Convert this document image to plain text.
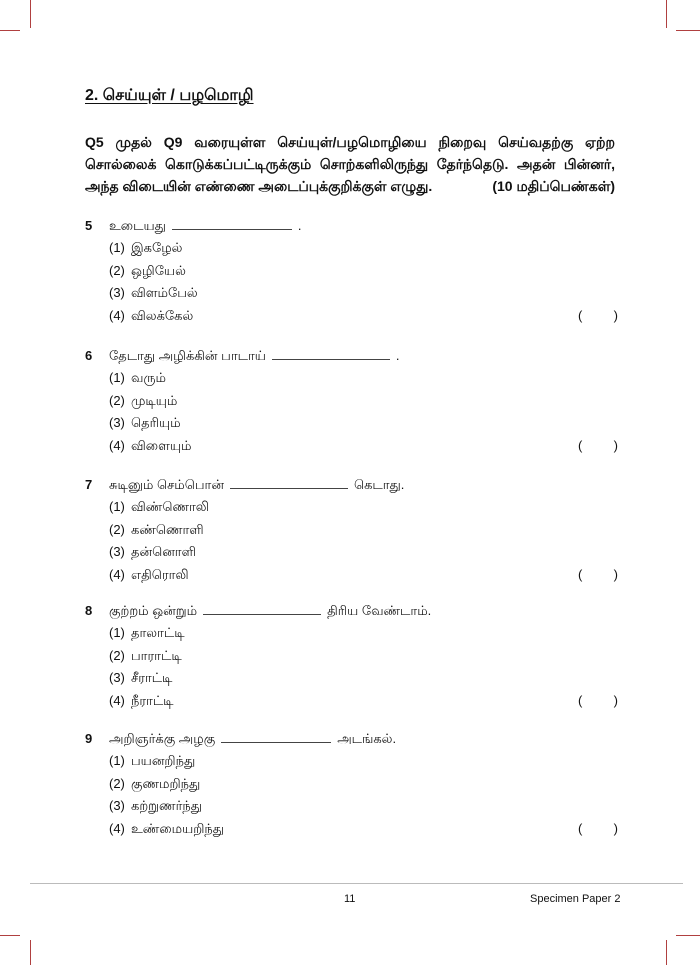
2. செய்யுள் / பழமொழி
Q5 முதல் Q9 வரையுள்ள செய்யுள்/பழமொழியை நிறைவு செய்வதற்கு ஏற்ற சொல்லைக் கொடுக்கப்பட்டிருக்கும் சொற்களிலிருந்து தேர்ந்தெடு. அதன் பின்னர், அந்த விடையின் எண்ணை அடைப்புக்குறிக்குள் எழுது.	(10 மதிப்பெண்கள்)
5	உடையது	.
(1) இகழேல்
(2) ஒழியேல்
(3) விளம்பேல்
(4) விலக்கேல்	( )
6	தேடாது அழிக்கின் பாடாய்	.
(1) வரும்
(2) முடியும்
(3) தெரியும்
(4) விளையும்	( )
7	சுடினும் செம்பொன்	கெடாது.
(1) விண்ணொலி
(2) கண்ணொளி
(3) தன்னொளி
(4) எதிரொலி	( )
8	குற்றம் ஒன்றும்	திரிய வேண்டாம்.
(1) தாலாட்டி
(2) பாராட்டி
(3) சீராட்டி
(4) நீராட்டி	( )
9	அறிஞர்க்கு அழகு	அடங்கல்.
(1) பயனறிந்து
(2) குணமறிந்து
(3) கற்றுணர்ந்து
(4) உண்மையறிந்து	( )
11	Specimen Paper 2
